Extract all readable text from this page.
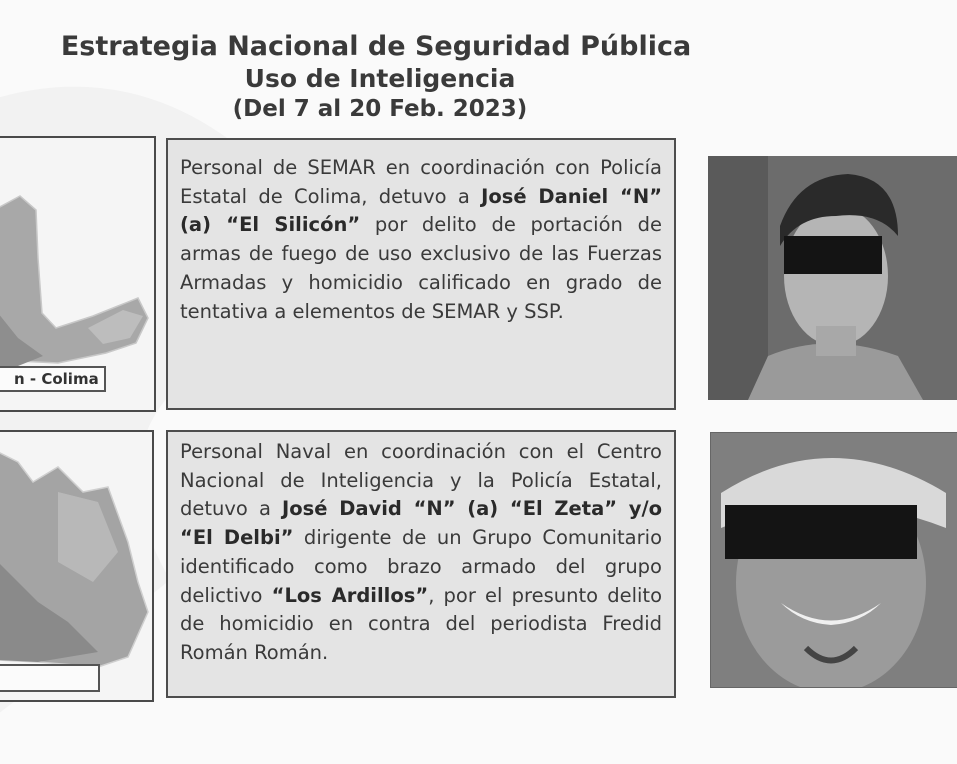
Estrategia Nacional de Seguridad Pública
Uso de Inteligencia
(Del 7 al 20 Feb. 2023)
n - Colima

Personal de SEMAR en coordinación con Policía Estatal de Colima, detuvo a José Daniel “N” (a) “El Silicón” por delito de portación de armas de fuego de uso exclusivo de las Fuerzas Armadas y homicidio calificado en grado de tentativa a elementos de SEMAR y SSP.

Personal Naval en coordinación con el Centro Nacional de Inteligencia y la Policía Estatal, detuvo a José David “N” (a) “El Zeta” y/o “El Delbi” dirigente de un Grupo Comunitario identificado como brazo armado del grupo delictivo “Los Ardillos”, por el presunto delito de homicidio en contra del periodista Fredid Román Román.
